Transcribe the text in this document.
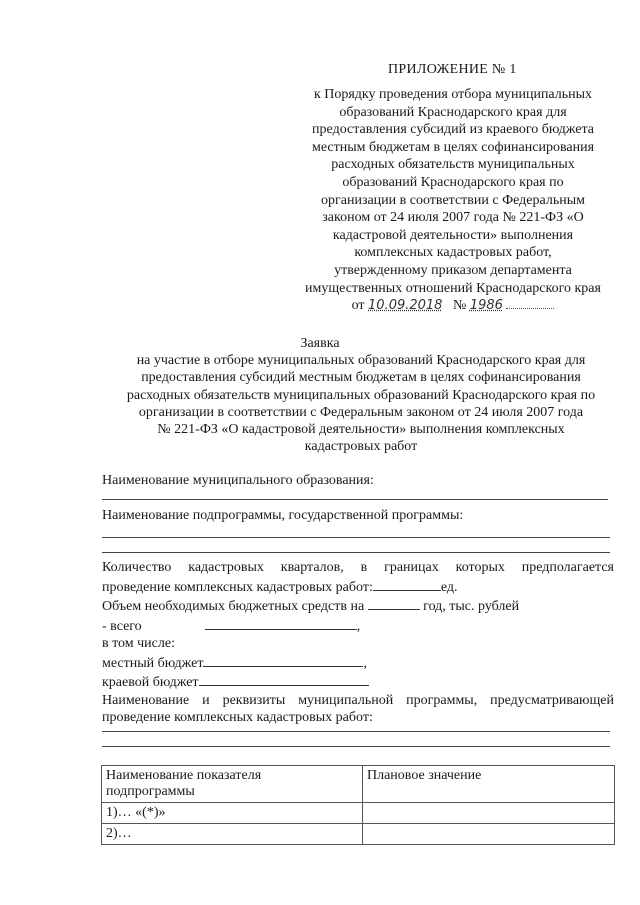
ПРИЛОЖЕНИЕ № 1
к Порядку проведения отбора муниципальных
образований Краснодарского края для
предоставления субсидий из краевого бюджета
местным бюджетам в целях софинансирования
расходных обязательств муниципальных
образований Краснодарского края по
организации в соответствии с Федеральным
законом от 24 июля 2007 года № 221-ФЗ «О
кадастровой деятельности» выполнения
комплексных кадастровых работ,
утвержденному приказом департамента
имущественных отношений Краснодарского края
от 10.09.2018 № 1986
Заявка
на участие в отборе муниципальных образований Краснодарского края для
предоставления субсидий местным бюджетам в целях софинансирования
расходных обязательств муниципальных образований Краснодарского края по
организации в соответствии с Федеральным законом от 24 июля 2007 года
№ 221-ФЗ «О кадастровой деятельности» выполнения комплексных
кадастровых работ
Наименование муниципального образования:
Наименование подпрограммы, государственной программы:
Количество кадастровых кварталов, в границах которых предполагается
проведение комплексных кадастровых работ:	ед.
Объем необходимых бюджетных средств на	год, тыс. рублей
- всего	,
в том числе:
местный бюджет	,
краевой бюджет
Наименование и реквизиты муниципальной программы, предусматривающей
проведение комплексных кадастровых работ:
Наименование показателя
подпрограммы	Плановое значение
1)… «(*)»	
2)…	
